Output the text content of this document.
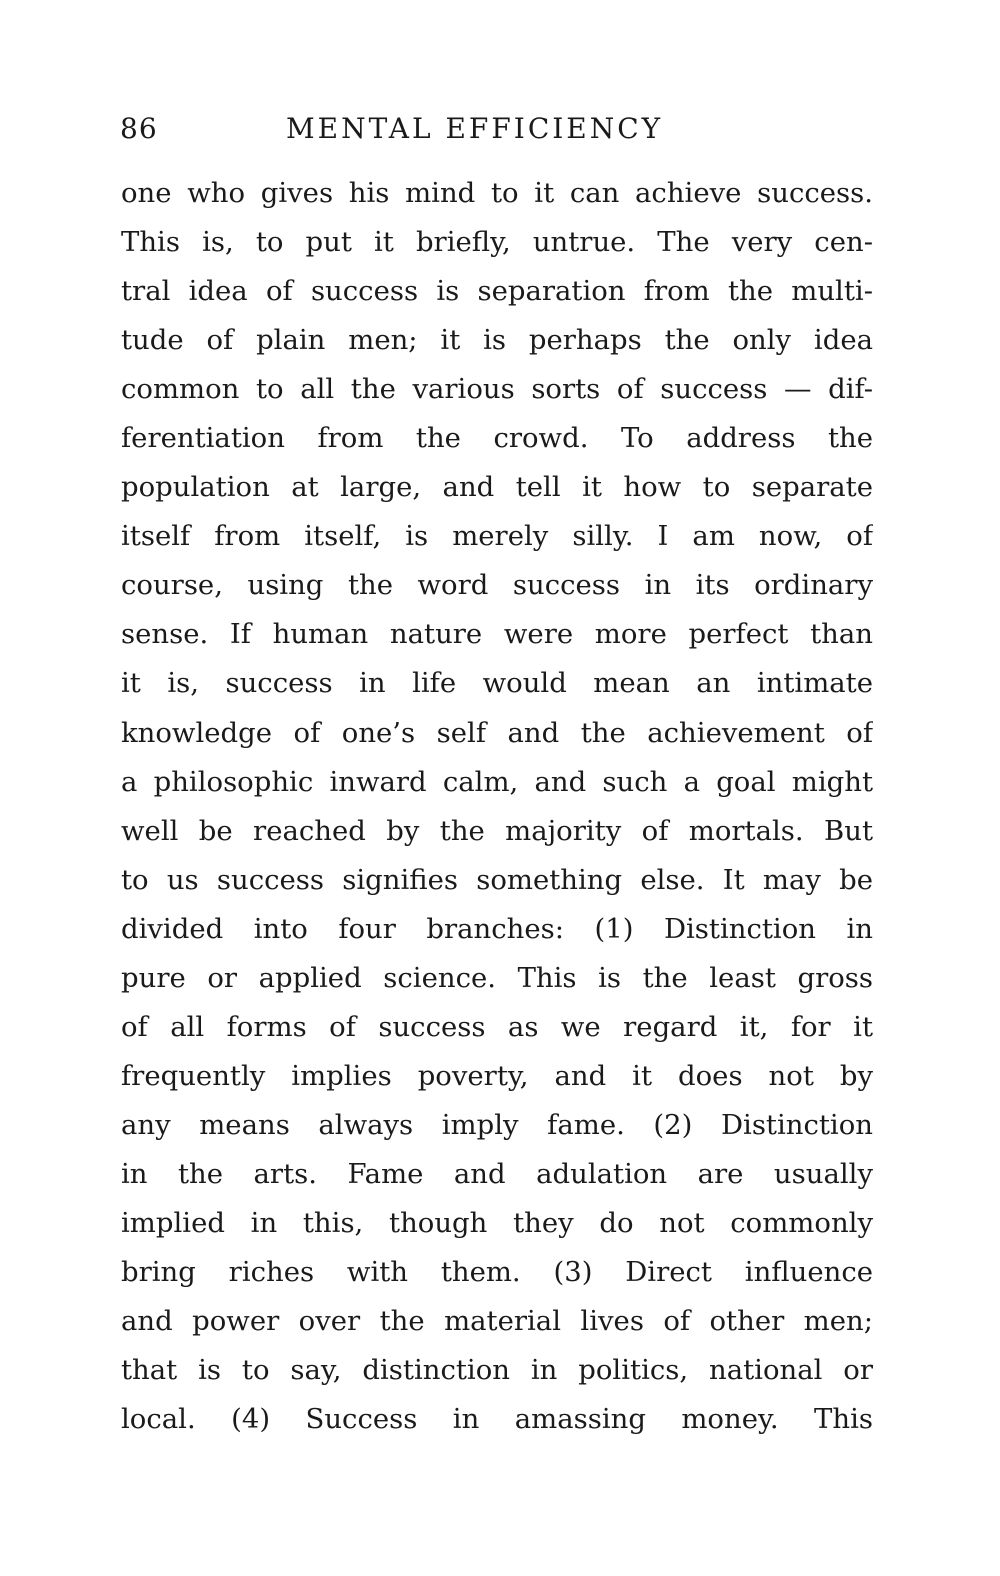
86	MENTAL EFFICIENCY
one who gives his mind to it can achieve success.
This is, to put it briefly, untrue. The very cen-
tral idea of success is separation from the multi-
tude of plain men; it is perhaps the only idea
common to all the various sorts of success — dif-
ferentiation from the crowd. To address the
population at large, and tell it how to separate
itself from itself, is merely silly. I am now, of
course, using the word success in its ordinary
sense. If human nature were more perfect than
it is, success in life would mean an intimate
knowledge of one’s self and the achievement of
a philosophic inward calm, and such a goal might
well be reached by the majority of mortals. But
to us success signifies something else. It may be
divided into four branches: (1) Distinction in
pure or applied science. This is the least gross
of all forms of success as we regard it, for it
frequently implies poverty, and it does not by
any means always imply fame. (2) Distinction
in the arts. Fame and adulation are usually
implied in this, though they do not commonly
bring riches with them. (3) Direct influence
and power over the material lives of other men;
that is to say, distinction in politics, national or
local. (4) Success in amassing money. This
